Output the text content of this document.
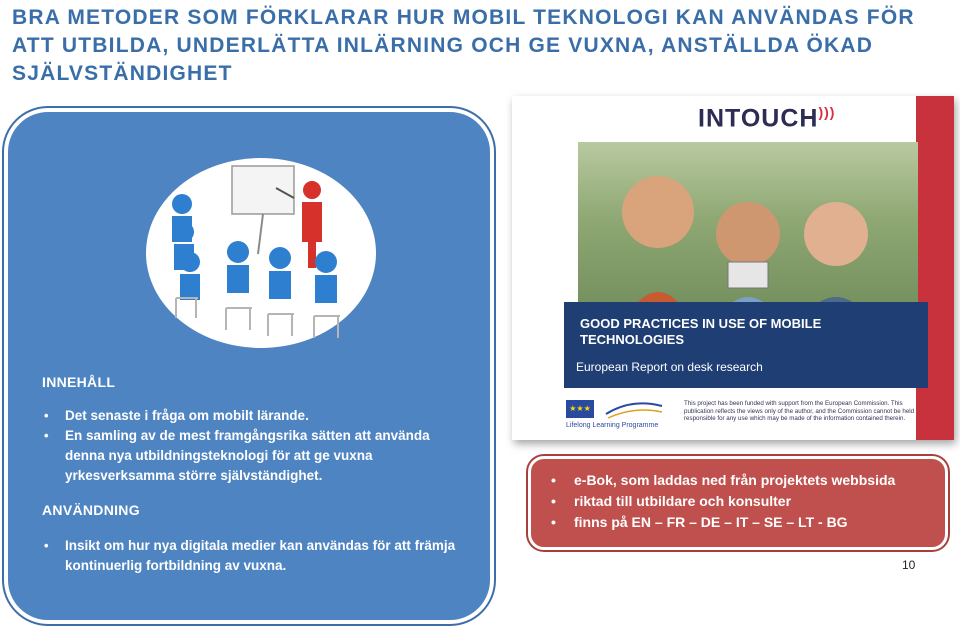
BRA METODER SOM FÖRKLARAR HUR MOBIL TEKNOLOGI KAN ANVÄNDAS FÖR ATT UTBILDA, UNDERLÄTTA INLÄRNING OCH GE VUXNA, ANSTÄLLDA ÖKAD SJÄLVSTÄNDIGHET
INNEHÅLL
• Det senaste i fråga om mobilt lärande.
• En samling av de mest framgångsrika sätten att använda denna nya utbildningsteknologi för att ge vuxna yrkesverksamma större självständighet.
ANVÄNDNING
• Insikt om hur nya digitala medier kan användas för att främja kontinuerlig fortbildning av vuxna.
INTOUCH)))
GOOD PRACTICES IN USE OF MOBILE TECHNOLOGIES
European Report on desk research
★★★
Lifelong Learning Programme
This project has been funded with support from the European Commission. This publication reflects the views only of the author, and the Commission cannot be held responsible for any use which may be made of the information contained therein.
• e-Bok, som laddas ned från projektets webbsida
• riktad till utbildare och konsulter
• finns på EN – FR – DE – IT – SE – LT - BG
10
